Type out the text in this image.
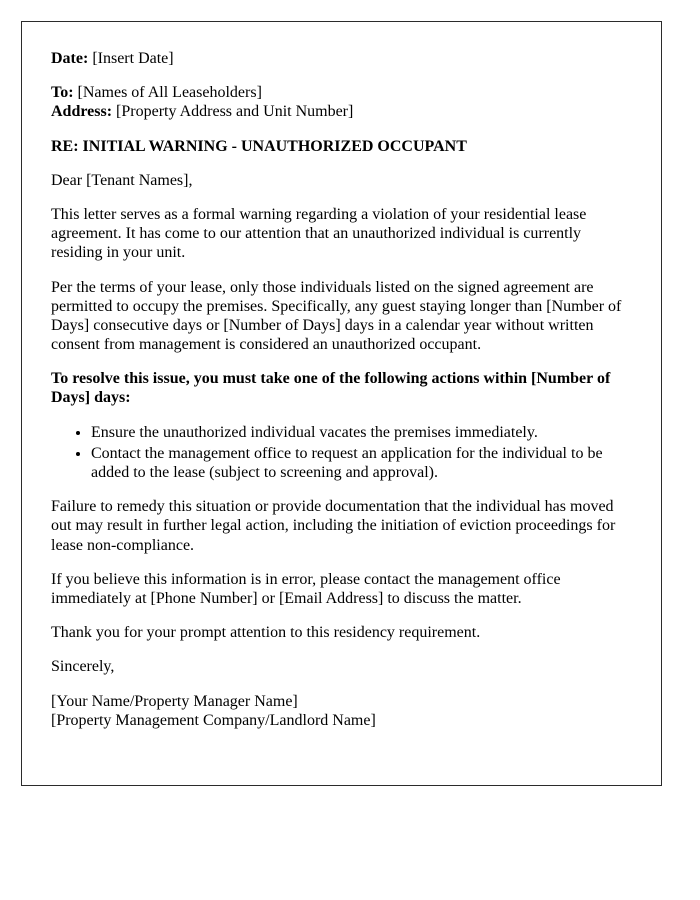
Date: [Insert Date]

To: [Names of All Leaseholders]
Address: [Property Address and Unit Number]

RE: INITIAL WARNING - UNAUTHORIZED OCCUPANT

Dear [Tenant Names],

This letter serves as a formal warning regarding a violation of your residential lease agreement. It has come to our attention that an unauthorized individual is currently residing in your unit.

Per the terms of your lease, only those individuals listed on the signed agreement are permitted to occupy the premises. Specifically, any guest staying longer than [Number of Days] consecutive days or [Number of Days] days in a calendar year without written consent from management is considered an unauthorized occupant.

To resolve this issue, you must take one of the following actions within [Number of Days] days:

• Ensure the unauthorized individual vacates the premises immediately.
• Contact the management office to request an application for the individual to be added to the lease (subject to screening and approval).

Failure to remedy this situation or provide documentation that the individual has moved out may result in further legal action, including the initiation of eviction proceedings for lease non-compliance.

If you believe this information is in error, please contact the management office immediately at [Phone Number] or [Email Address] to discuss the matter.

Thank you for your prompt attention to this residency requirement.

Sincerely,

[Your Name/Property Manager Name]
[Property Management Company/Landlord Name]
